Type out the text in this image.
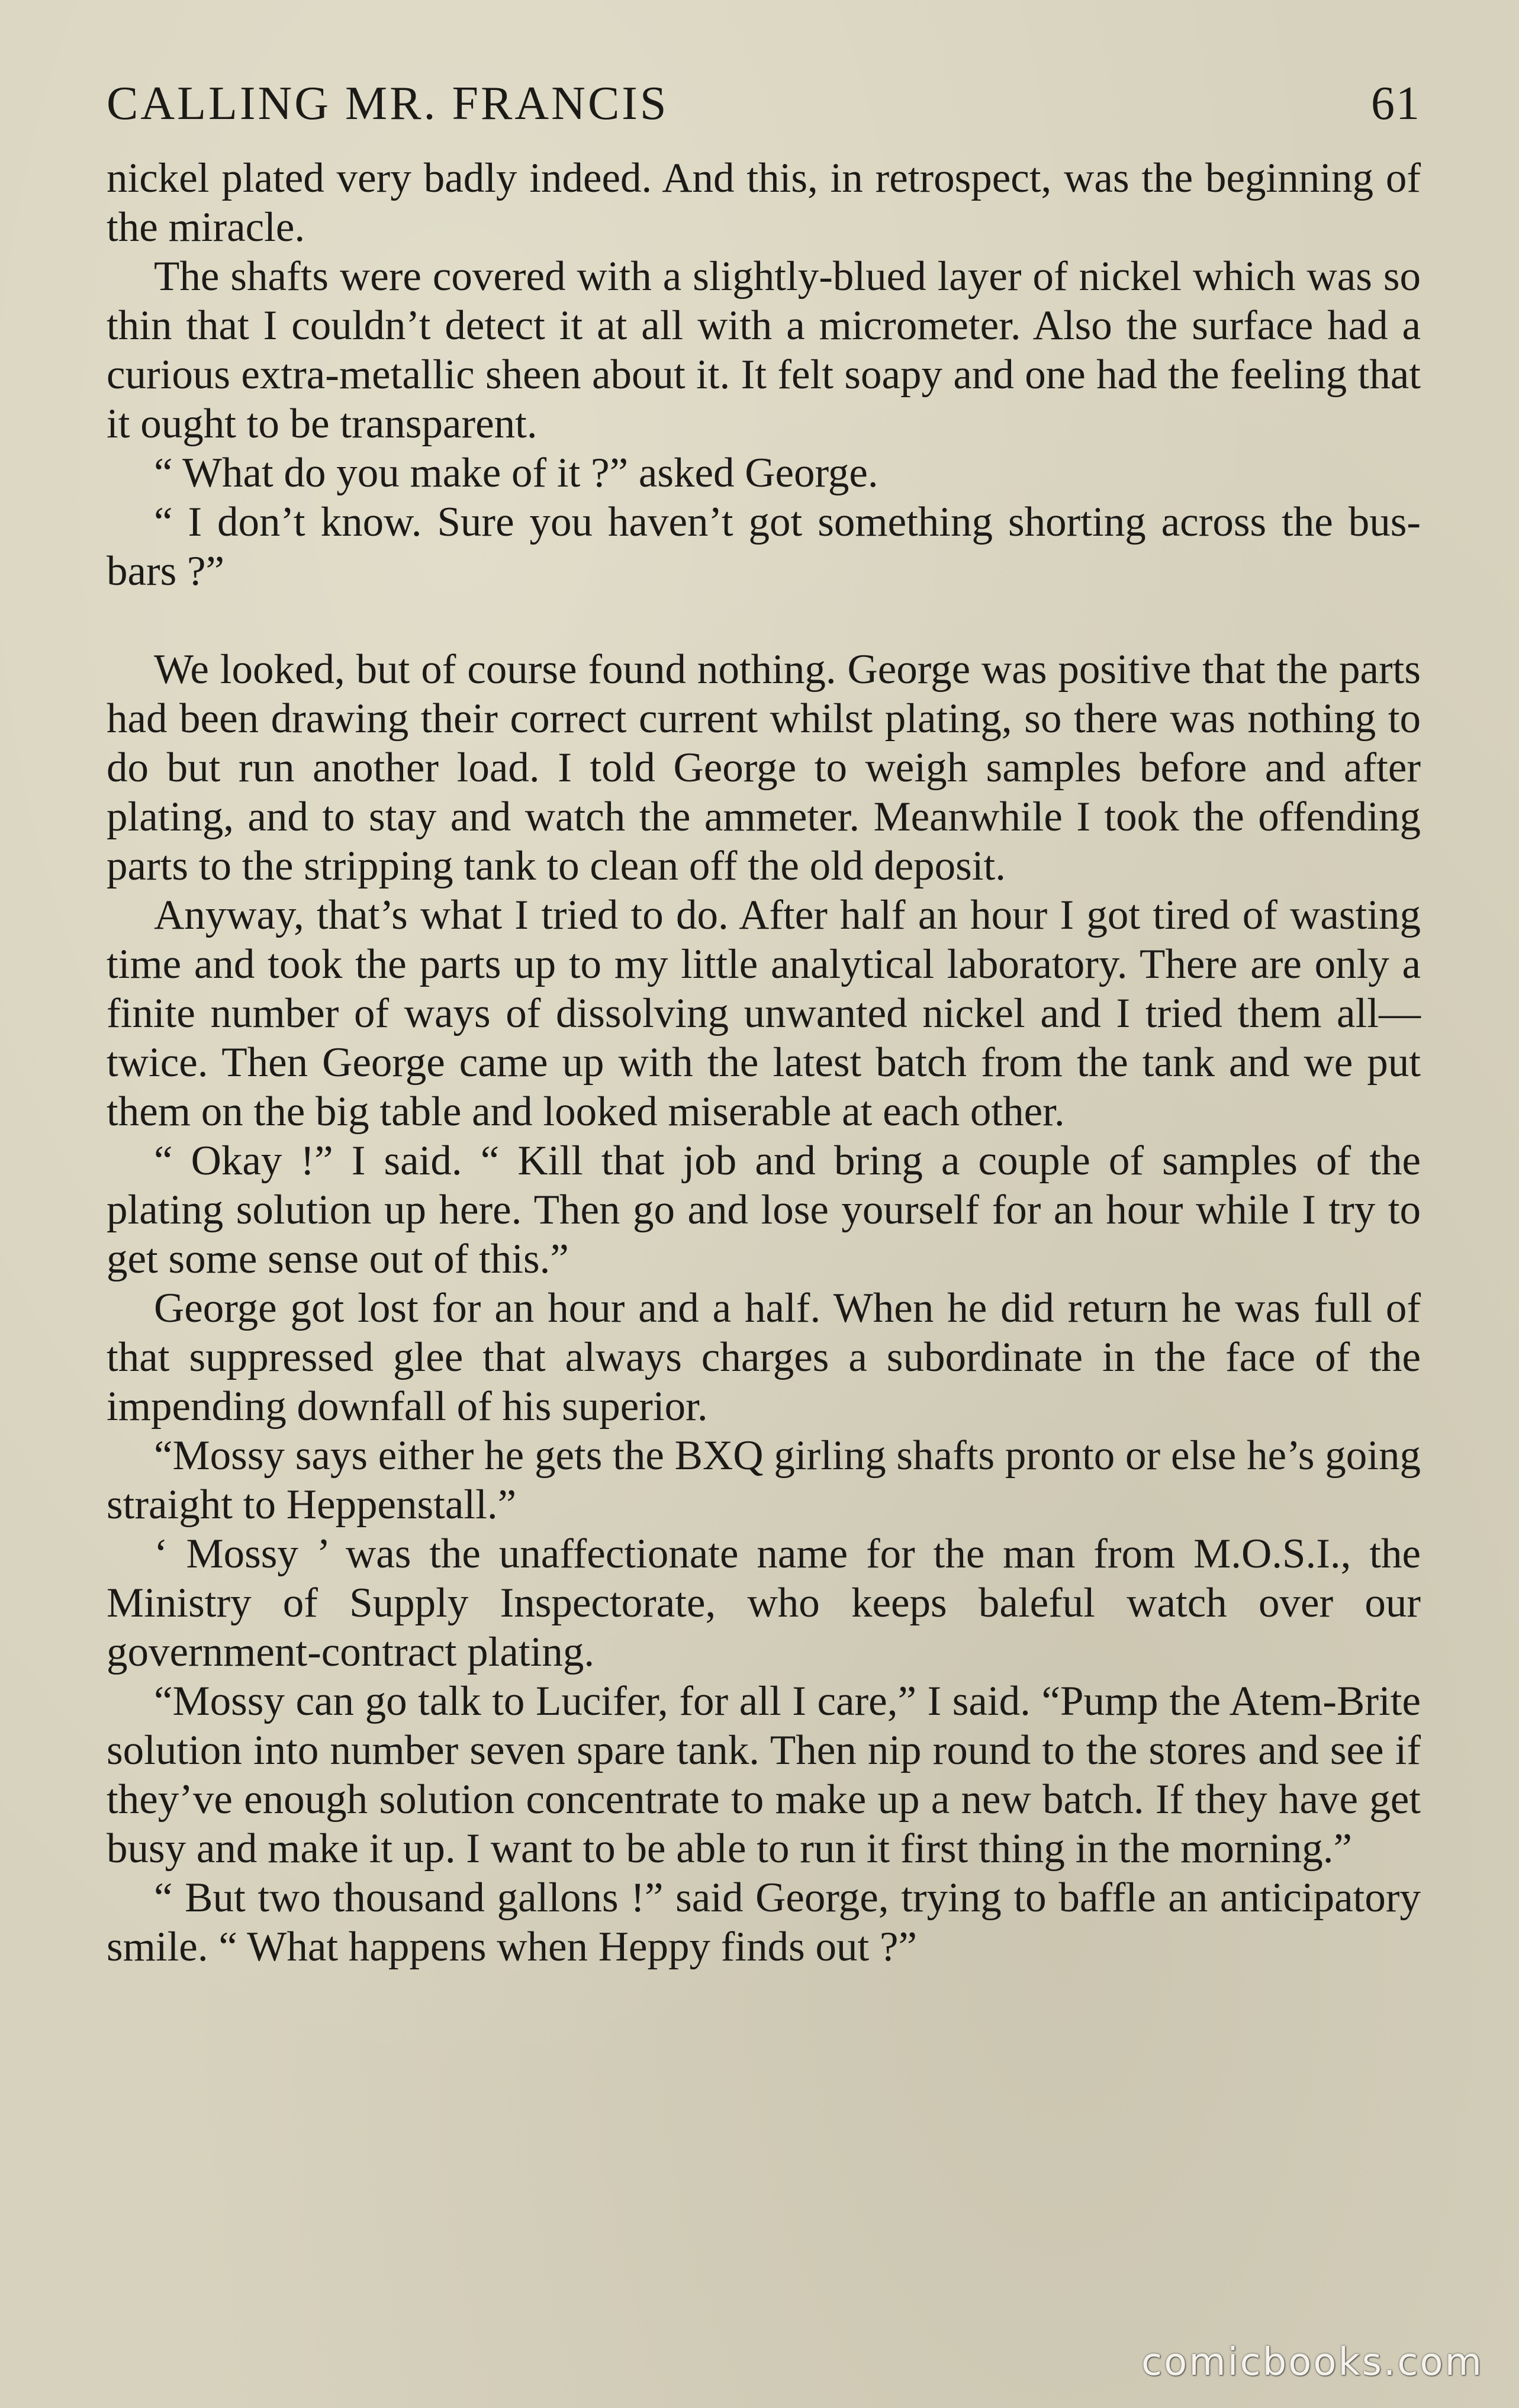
CALLING MR. FRANCIS	61

nickel plated very badly indeed. And this, in retrospect, was the beginning of the miracle.

The shafts were covered with a slightly-blued layer of nickel which was so thin that I couldn’t detect it at all with a micrometer. Also the surface had a curious extra-metallic sheen about it. It felt soapy and one had the feeling that it ought to be transparent.

“ What do you make of it ?” asked George.

“ I don’t know. Sure you haven’t got something shorting across the bus-bars ?”

We looked, but of course found nothing. George was positive that the parts had been drawing their correct current whilst plating, so there was nothing to do but run another load. I told George to weigh samples before and after plating, and to stay and watch the ammeter. Meanwhile I took the offending parts to the stripping tank to clean off the old deposit.

Anyway, that’s what I tried to do. After half an hour I got tired of wasting time and took the parts up to my little analytical laboratory. There are only a finite number of ways of dissolving unwanted nickel and I tried them all—twice. Then George came up with the latest batch from the tank and we put them on the big table and looked miserable at each other.

“ Okay !” I said. “ Kill that job and bring a couple of samples of the plating solution up here. Then go and lose yourself for an hour while I try to get some sense out of this.”

George got lost for an hour and a half. When he did return he was full of that suppressed glee that always charges a subordinate in the face of the impending downfall of his superior.

“Mossy says either he gets the BXQ girling shafts pronto or else he’s going straight to Heppenstall.”

‘ Mossy ’ was the unaffectionate name for the man from M.O.S.I., the Ministry of Supply Inspectorate, who keeps baleful watch over our government-contract plating.

“Mossy can go talk to Lucifer, for all I care,” I said. “Pump the Atem-Brite solution into number seven spare tank. Then nip round to the stores and see if they’ve enough solution concentrate to make up a new batch. If they have get busy and make it up. I want to be able to run it first thing in the morning.”

“ But two thousand gallons !” said George, trying to baffle an anticipatory smile. “ What happens when Heppy finds out ?”

comicbooks.com
